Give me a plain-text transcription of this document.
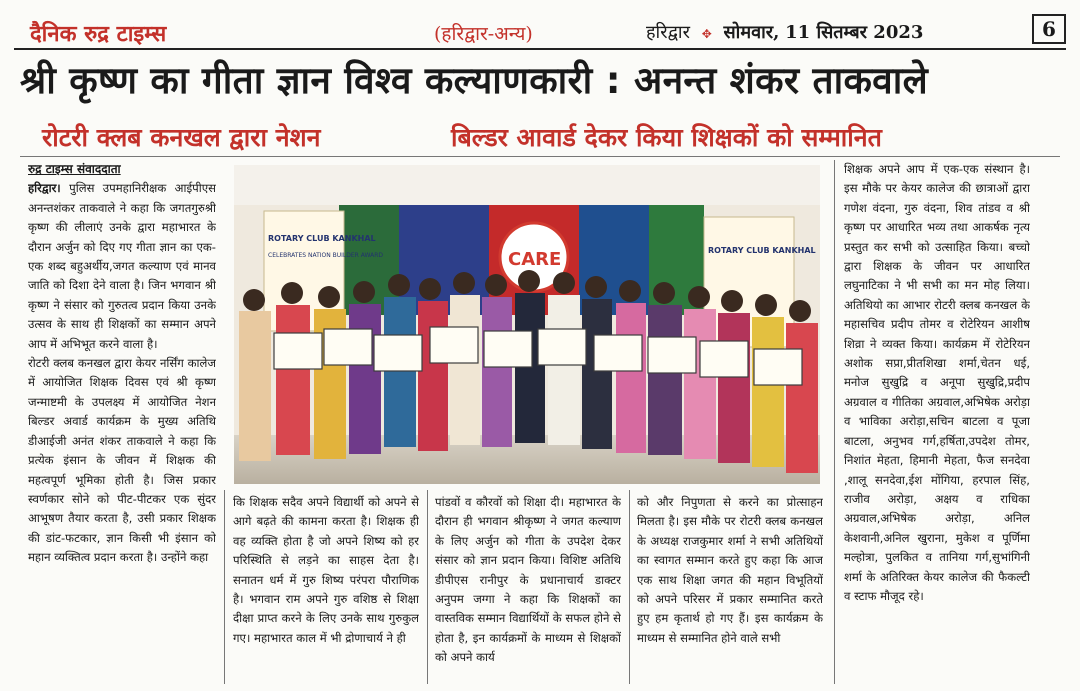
दैनिक रुद्र टाइम्स	(हरिद्वार-अन्य)	हरिद्वार ✥ सोमवार, 11 सितम्बर 2023	6
श्री कृष्ण का गीता ज्ञान विश्व कल्याणकारी : अनन्त शंकर ताकवाले
रोटरी क्लब कनखल द्वारा नेशन	बिल्डर आवार्ड देकर किया शिक्षकों को सम्मानित

रुद्र टाइम्स संवाददाता

हरिद्वार। पुलिस उपमहानिरीक्षक आईपीएस अनन्तशंकर ताकवाले ने कहा कि जगतगुरुश्री कृष्ण की लीलाएं उनके द्वारा महाभारत के दौरान अर्जुन को दिए गए गीता ज्ञान का एक-एक शब्द बहुअर्थीय,जगत कल्याण एवं मानव जाति को दिशा देने वाला है। जिन भगवान श्री कृष्ण ने संसार को गुरुतत्व प्रदान किया उनके उत्सव के साथ ही शिक्षकों का सम्मान अपने आप में अभिभूत करने वाला है।

रोटरी क्लब कनखल द्वारा केयर नर्सिंग कालेज में आयोजित शिक्षक दिवस एवं श्री कृष्ण जन्माष्टमी के उपलक्ष्य में आयोजित नेशन बिल्डर अवार्ड कार्यक्रम के मुख्य अतिथि डीआईजी अनंत शंकर ताकवाले ने कहा कि प्रत्येक इंसान के जीवन में शिक्षक की महत्वपूर्ण भूमिका होती है। जिस प्रकार स्वर्णकार सोने को पीट-पीटकर एक सुंदर आभूषण तैयार करता है, उसी प्रकार शिक्षक की डांट-फटकार, ज्ञान किसी भी इंसान को महान व्यक्तित्व प्रदान करता है। उन्होंने कहा

ROTARY CLUB KANKHAL
CELEBRATES NATION BUILDER AWARD	CARE	ROTARY CLUB KANKHAL
कि शिक्षक सदैव अपने विद्यार्थी को अपने से आगे बढ़ते की कामना करता है। शिक्षक ही वह व्यक्ति होता है जो अपने शिष्य को हर परिस्थिति से लड़ने का साहस देता है। सनातन धर्म में गुरु शिष्य परंपरा पौराणिक है। भगवान राम अपने गुरु वशिष्ठ से शिक्षा दीक्षा प्राप्त करने के लिए उनके साथ गुरुकुल गए। महाभारत काल में भी द्रोणाचार्य ने ही
पांडवों व कौरवों को शिक्षा दी। महाभारत के दौरान ही भगवान श्रीकृष्ण ने जगत कल्याण के लिए अर्जुन को गीता के उपदेश देकर संसार को ज्ञान प्रदान किया। विशिष्ट अतिथि डीपीएस रानीपुर के प्रधानाचार्य डाक्टर अनुपम जग्गा ने कहा कि शिक्षकों का वास्तविक सम्मान विद्यार्थियों के सफल होने से होता है, इन कार्यक्रमों के माध्यम से शिक्षकों को अपने कार्य
को और निपुणता से करने का प्रोत्साहन मिलता है। इस मौके पर रोटरी क्लब कनखल के अध्यक्ष राजकुमार शर्मा ने सभी अतिथियों का स्वागत सम्मान करते हुए कहा कि आज एक साथ शिक्षा जगत की महान विभूतियों को अपने परिसर में प्रकार सम्मानित करते हुए हम कृतार्थ हो गए हैं। इस कार्यक्रम के माध्यम से सम्मानित होने वाले सभी
शिक्षक अपने आप में एक-एक संस्थान है। इस मौके पर केयर कालेज की छात्राओं द्वारा गणेश वंदना, गुरु वंदना, शिव तांडव व श्री कृष्ण पर आधारित भव्य तथा आकर्षक नृत्य प्रस्तुत कर सभी को उत्साहित किया। बच्चो द्वारा शिक्षक के जीवन पर आधारित लघुनाटिका ने भी सभी का मन मोह लिया। अतिथियो का आभार रोटरी क्लब कनखल के महासचिव प्रदीप तोमर व रोटेरियन आशीष शिव्रा ने व्यक्त किया। कार्यक्रम में रोटेरियन अशोक सप्रा,प्रीतशिखा शर्मा,चेतन धई, मनोज सुखुद्रि व अनूपा सुखुद्रि,प्रदीप अग्रवाल व गीतिका अग्रवाल,अभिषेक अरोड़ा व भाविका अरोड़ा,सचिन बाटला व पूजा बाटला, अनुभव गर्ग,हर्षिता,उपदेश तोमर, निशांत मेहता, हिमानी मेहता, फैज सनदेवा ,शालू सनदेवा,ईश मोंगिया, हरपाल सिंह, राजीव अरोड़ा, अक्षय व राधिका अग्रवाल,अभिषेक अरोड़ा, अनिल केशवानी,अनिल खुराना, मुकेश व पूर्णिमा मल्होत्रा, पुलकित व तानिया गर्ग,सुभांगिनी शर्मा के अतिरिक्त केयर कालेज की फैकल्टी व स्टाफ मौजूद रहे।
